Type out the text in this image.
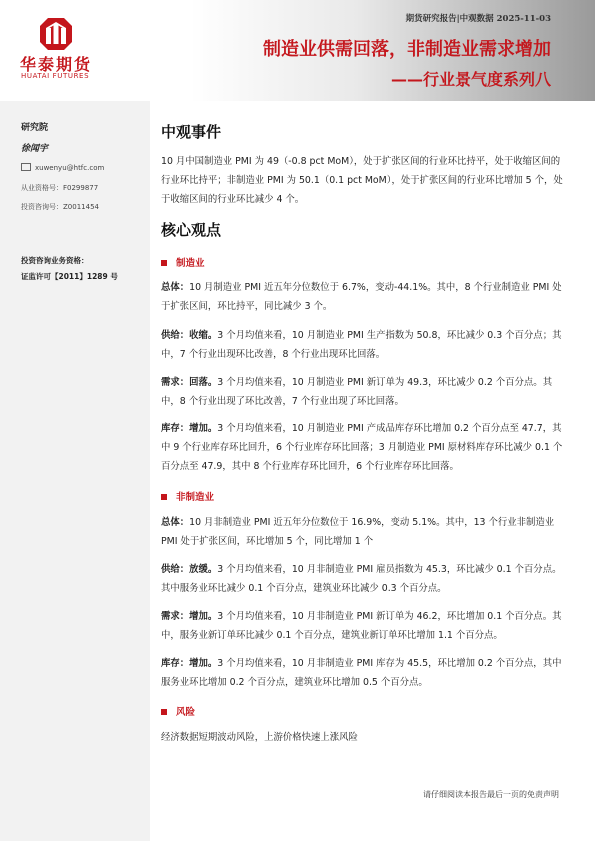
华泰期货
HUATAI FUTURES
期货研究报告|中观数据 2025-11-03
制造业供需回落，非制造业需求增加
——行业景气度系列八
研究院
徐闻宇
xuwenyu@htfc.com
从业资格号：F0299877
投资咨询号：Z0011454
投资咨询业务资格：
证监许可【2011】1289 号
中观事件
10 月中国制造业 PMI 为 49（-0.8 pct MoM），处于扩张区间的行业环比持平，处于收缩区间的行业环比持平；非制造业 PMI 为 50.1（0.1 pct MoM），处于扩张区间的行业环比增加 5 个，处于收缩区间的行业环比减少 4 个。
核心观点
制造业
总体：10 月制造业 PMI 近五年分位数位于 6.7%，变动-44.1%。其中，8 个行业制造业 PMI 处于扩张区间，环比持平，同比减少 3 个。
供给：收缩。3 个月均值来看，10 月制造业 PMI 生产指数为 50.8，环比减少 0.3 个百分点；其中，7 个行业出现环比改善，8 个行业出现环比回落。
需求：回落。3 个月均值来看，10 月制造业 PMI 新订单为 49.3，环比减少 0.2 个百分点。其中，8 个行业出现了环比改善，7 个行业出现了环比回落。
库存：增加。3 个月均值来看，10 月制造业 PMI 产成品库存环比增加 0.2 个百分点至 47.7，其中 9 个行业库存环比回升，6 个行业库存环比回落；3 月制造业 PMI 原材料库存环比减少 0.1 个百分点至 47.9，其中 8 个行业库存环比回升，6 个行业库存环比回落。
非制造业
总体：10 月非制造业 PMI 近五年分位数位于 16.9%，变动 5.1%。其中，13 个行业非制造业 PMI 处于扩张区间，环比增加 5 个，同比增加 1 个
供给：放缓。3 个月均值来看，10 月非制造业 PMI 雇员指数为 45.3，环比减少 0.1 个百分点。其中服务业环比减少 0.1 个百分点，建筑业环比减少 0.3 个百分点。
需求：增加。3 个月均值来看，10 月非制造业 PMI 新订单为 46.2，环比增加 0.1 个百分点。其中，服务业新订单环比减少 0.1 个百分点，建筑业新订单环比增加 1.1 个百分点。
库存：增加。3 个月均值来看，10 月非制造业 PMI 库存为 45.5，环比增加 0.2 个百分点，其中服务业环比增加 0.2 个百分点，建筑业环比增加 0.5 个百分点。
风险
经济数据短期波动风险，上游价格快速上涨风险
请仔细阅读本报告最后一页的免责声明
